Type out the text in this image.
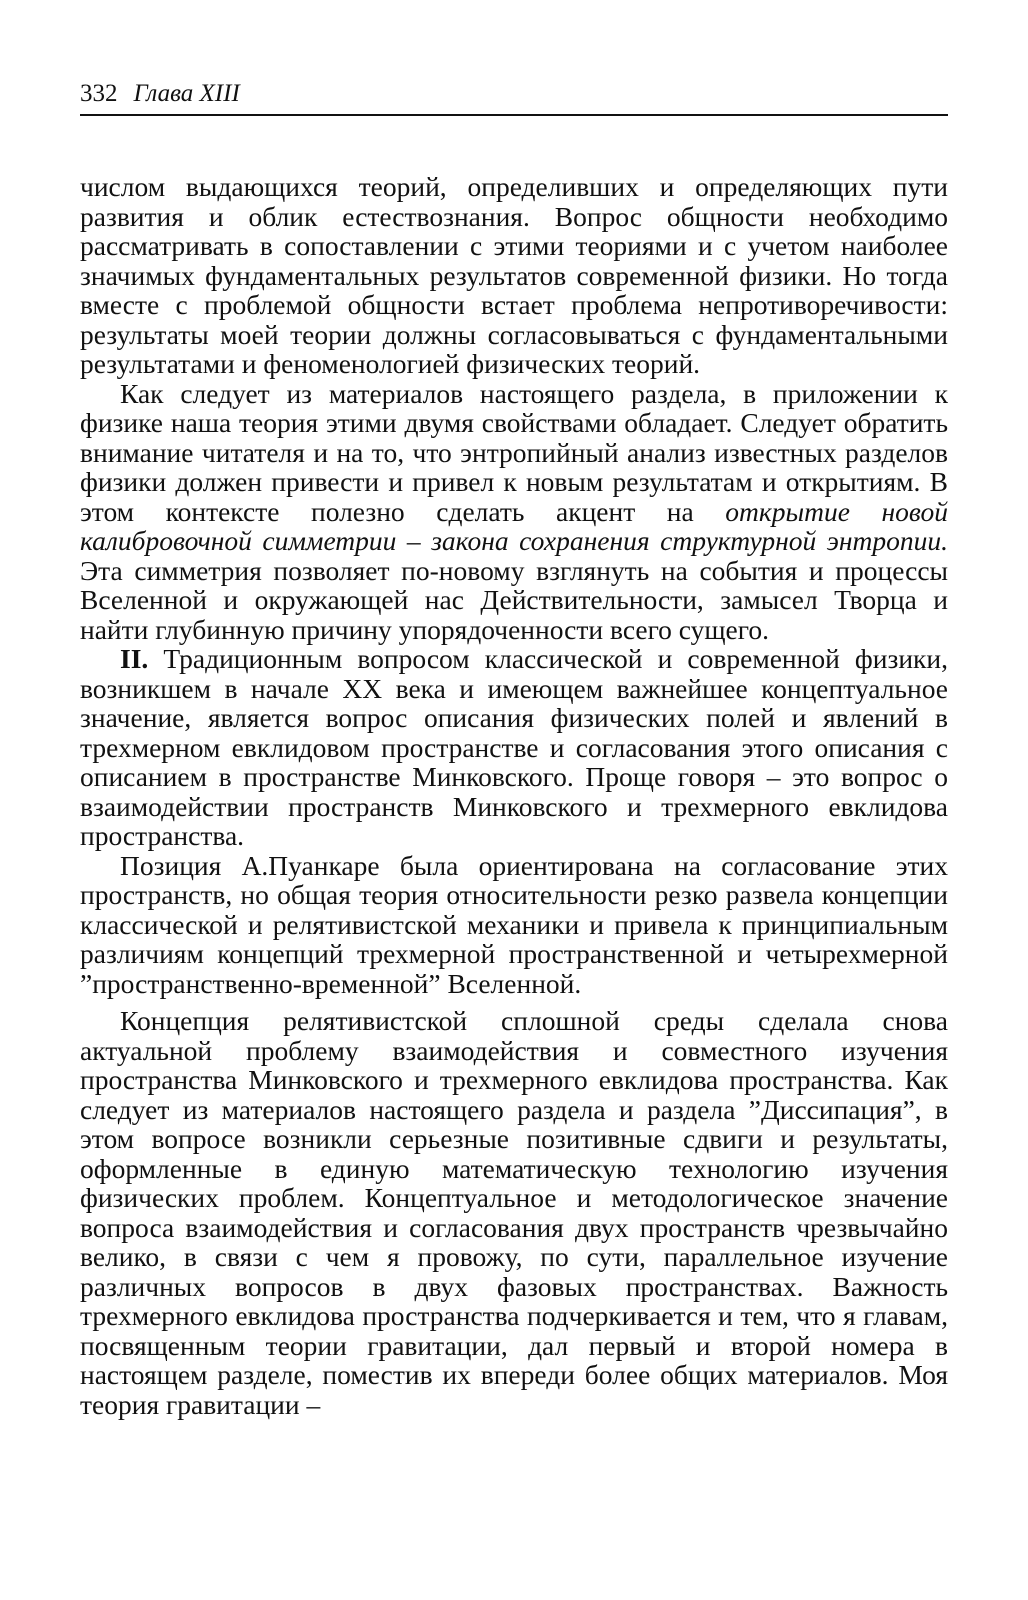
332 Глава XIII

числом выдающихся теорий, определивших и определяющих пути развития и облик естествознания. Вопрос общности необходимо рассматривать в сопоставлении с этими теориями и с учетом наиболее значимых фундаментальных результатов современной физики. Но тогда вместе с проблемой общности встает проблема непротиворечивости: результаты моей теории должны согласовываться с фундаментальными результатами и феноменологией физических теорий.

Как следует из материалов настоящего раздела, в приложении к физике наша теория этими двумя свойствами обладает. Следует обратить внимание читателя и на то, что энтропийный анализ известных разделов физики должен привести и привел к новым результатам и открытиям. В этом контексте полезно сделать акцент на открытие новой калибровочной симметрии – закона сохранения структурной энтропии. Эта симметрия позволяет по-новому взглянуть на события и процессы Вселенной и окружающей нас Действительности, замысел Творца и найти глубинную причину упорядоченности всего сущего.

II. Традиционным вопросом классической и современной физики, возникшем в начале XX века и имеющем важнейшее концептуальное значение, является вопрос описания физических полей и явлений в трехмерном евклидовом пространстве и согласования этого описания с описанием в пространстве Минковского. Проще говоря – это вопрос о взаимодействии пространств Минковского и трехмерного евклидова пространства.

Позиция А.Пуанкаре была ориентирована на согласование этих пространств, но общая теория относительности резко развела концепции классической и релятивистской механики и привела к принципиальным различиям концепций трехмерной пространственной и четырехмерной ”пространственно-временной” Вселенной.

Концепция релятивистской сплошной среды сделала снова актуальной проблему взаимодействия и совместного изучения пространства Минковского и трехмерного евклидова пространства. Как следует из материалов настоящего раздела и раздела ”Диссипация”, в этом вопросе возникли серьезные позитивные сдвиги и результаты, оформленные в единую математическую технологию изучения физических проблем. Концептуальное и методологическое значение вопроса взаимодействия и согласования двух пространств чрезвычайно велико, в связи с чем я провожу, по сути, параллельное изучение различных вопросов в двух фазовых пространствах. Важность трехмерного евклидова пространства подчеркивается и тем, что я главам, посвященным теории гравитации, дал первый и второй номера в настоящем разделе, поместив их впереди более общих материалов. Моя теория гравитации –
